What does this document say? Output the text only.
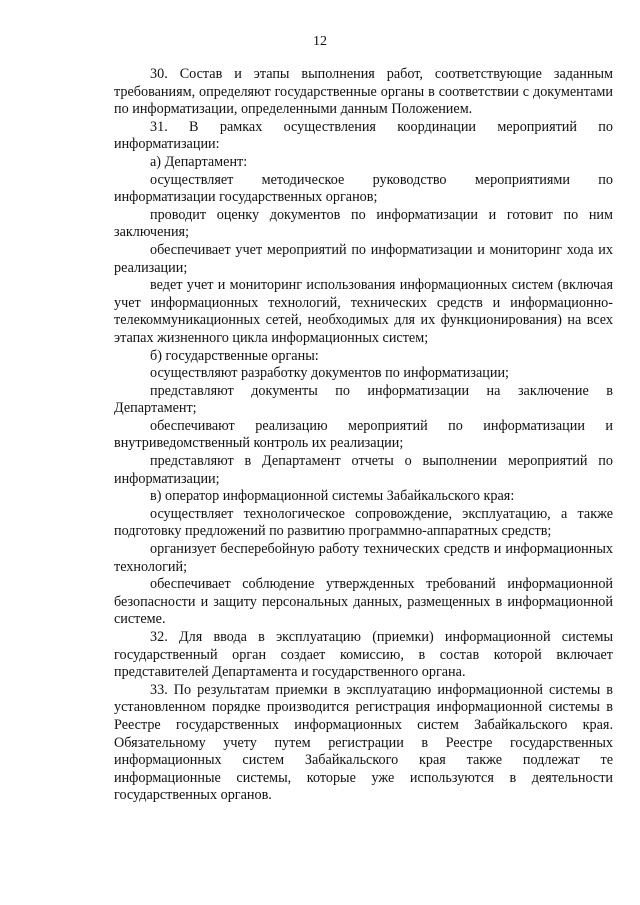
12

30. Состав и этапы выполнения работ, соответствующие заданным требованиям, определяют государственные органы в соответствии с документами по информатизации, определенными данным Положением.

31. В рамках осуществления координации мероприятий по информатизации:

а) Департамент:

осуществляет методическое руководство мероприятиями по информатизации государственных органов;

проводит оценку документов по информатизации и готовит по ним заключения;

обеспечивает учет мероприятий по информатизации и мониторинг хода их реализации;

ведет учет и мониторинг использования информационных систем (включая учет информационных технологий, технических средств и информационно-телекоммуникационных сетей, необходимых для их функционирования) на всех этапах жизненного цикла информационных систем;

б) государственные органы:

осуществляют разработку документов по информатизации;

представляют документы по информатизации на заключение в Департамент;

обеспечивают реализацию мероприятий по информатизации и внутриведомственный контроль их реализации;

представляют в Департамент отчеты о выполнении мероприятий по информатизации;

в) оператор информационной системы Забайкальского края:

осуществляет технологическое сопровождение, эксплуатацию, а также подготовку предложений по развитию программно-аппаратных средств;

организует бесперебойную работу технических средств и информационных технологий;

обеспечивает соблюдение утвержденных требований информационной безопасности и защиту персональных данных, размещенных в информационной системе.

32. Для ввода в эксплуатацию (приемки) информационной системы государственный орган создает комиссию, в состав которой включает представителей Департамента и государственного органа.

33. По результатам приемки в эксплуатацию информационной системы в установленном порядке производится регистрация информационной системы в Реестре государственных информационных систем Забайкальского края. Обязательному учету путем регистрации в Реестре государственных информационных систем Забайкальского края также подлежат те информационные системы, которые уже используются в деятельности государственных органов.
